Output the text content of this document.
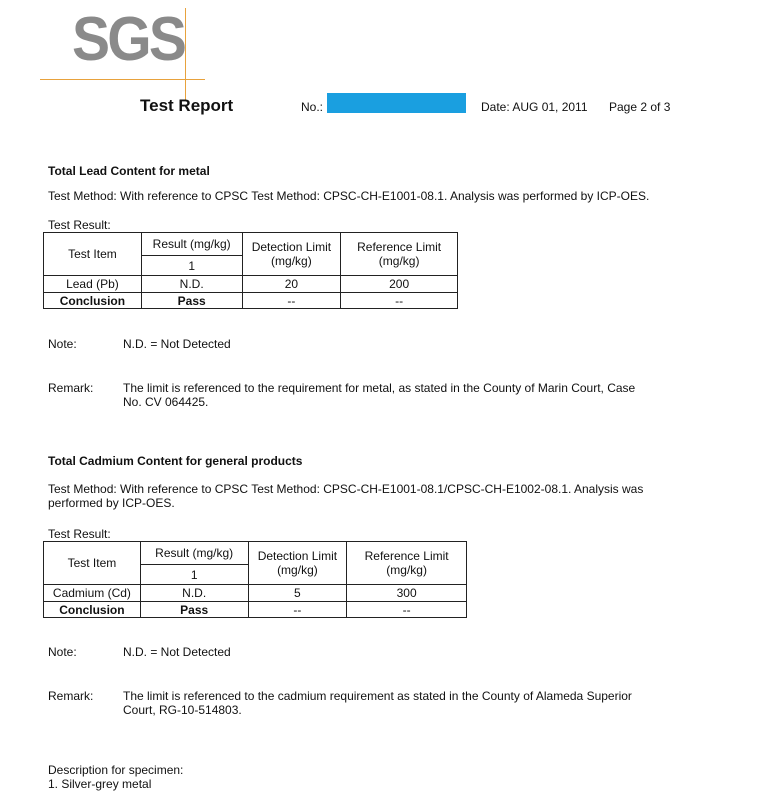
SGS
Test Report	No.:	Date: AUG 01, 2011 Page 2 of 3
Total Lead Content for metal
Test Method: With reference to CPSC Test Method: CPSC-CH-E1001-08.1. Analysis was performed by ICP-OES.
Test Result:
Test Item	Result (mg/kg)	Detection Limit (mg/kg)	Reference Limit (mg/kg)
	1		
Lead (Pb)	N.D.	20	200
Conclusion	Pass	--	--
Note:	N.D. = Not Detected
Remark: The limit is referenced to the requirement for metal, as stated in the County of Marin Court, Case
No. CV 064425.
Total Cadmium Content for general products
Test Method: With reference to CPSC Test Method: CPSC-CH-E1001-08.1/CPSC-CH-E1002-08.1. Analysis was
performed by ICP-OES.
Test Result:
Test Item	Result (mg/kg)	Detection Limit (mg/kg)	Reference Limit (mg/kg)
	1		
Cadmium (Cd)	N.D.	5	300
Conclusion	Pass	--	--
Note:	N.D. = Not Detected
Remark: The limit is referenced to the cadmium requirement as stated in the County of Alameda Superior
Court, RG-10-514803.
Description for specimen:
1. Silver-grey metal
